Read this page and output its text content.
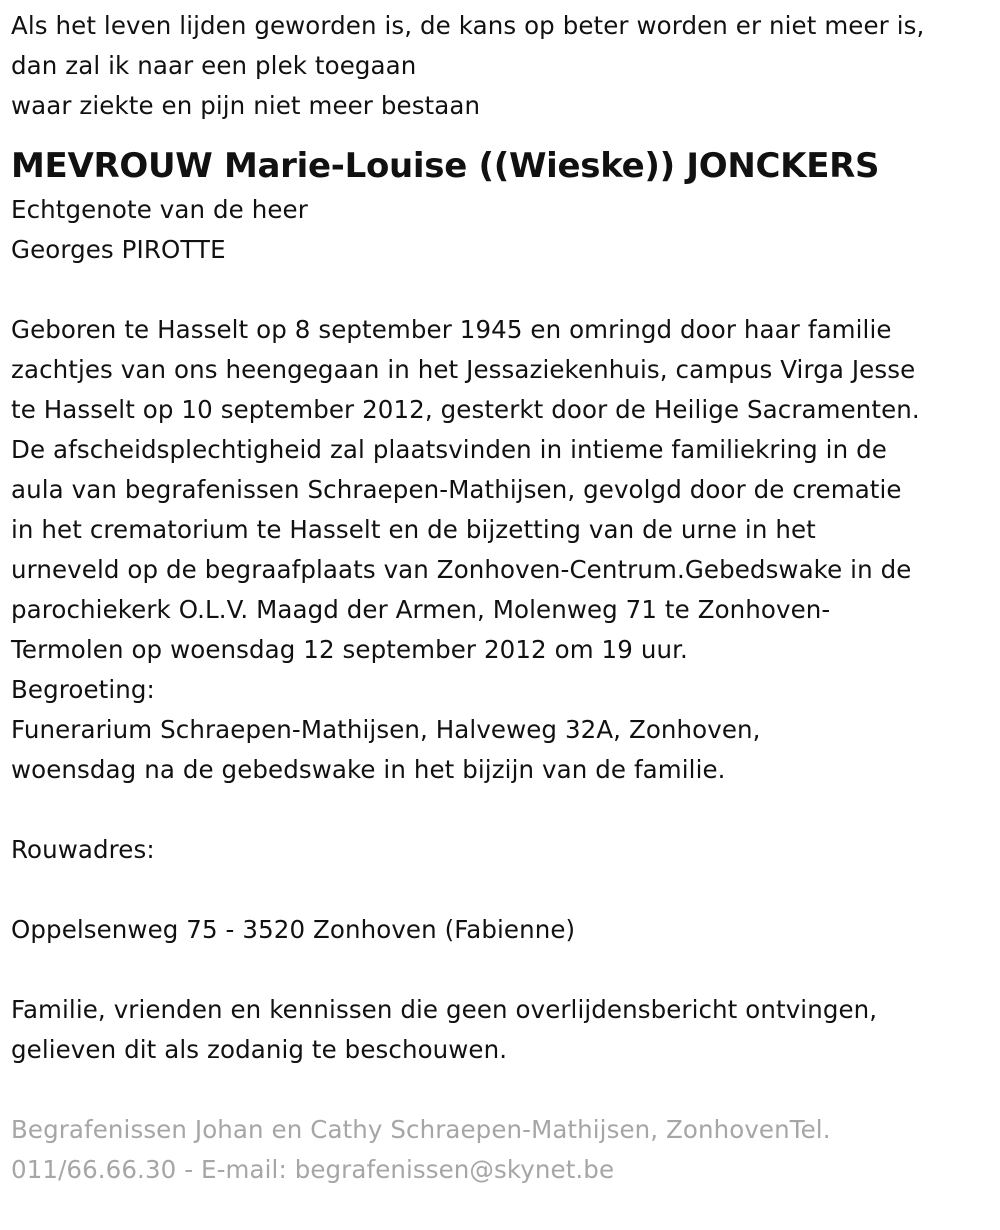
Als het leven lijden geworden is, de kans op beter worden er niet meer is,
dan zal ik naar een plek toegaan
waar ziekte en pijn niet meer bestaan
MEVROUW Marie-Louise ((Wieske)) JONCKERS
Echtgenote van de heer
Georges PIROTTE
Geboren te Hasselt op 8 september 1945 en omringd door haar familie
zachtjes van ons heengegaan in het Jessaziekenhuis, campus Virga Jesse
te Hasselt op 10 september 2012, gesterkt door de Heilige Sacramenten.
De afscheidsplechtigheid zal plaatsvinden in intieme familiekring in de
aula van begrafenissen Schraepen-Mathijsen, gevolgd door de crematie
in het crematorium te Hasselt en de bijzetting van de urne in het
urneveld op de begraafplaats van Zonhoven-Centrum.Gebedswake in de
parochiekerk O.L.V. Maagd der Armen, Molenweg 71 te Zonhoven-
Termolen op woensdag 12 september 2012 om 19 uur.
Begroeting:
Funerarium Schraepen-Mathijsen, Halveweg 32A, Zonhoven,
woensdag na de gebedswake in het bijzijn van de familie.
Rouwadres:
Oppelsenweg 75 - 3520 Zonhoven (Fabienne)
Familie, vrienden en kennissen die geen overlijdensbericht ontvingen,
gelieven dit als zodanig te beschouwen.
Begrafenissen Johan en Cathy Schraepen-Mathijsen, ZonhovenTel.
011/66.66.30 - E-mail: begrafenissen@skynet.be
